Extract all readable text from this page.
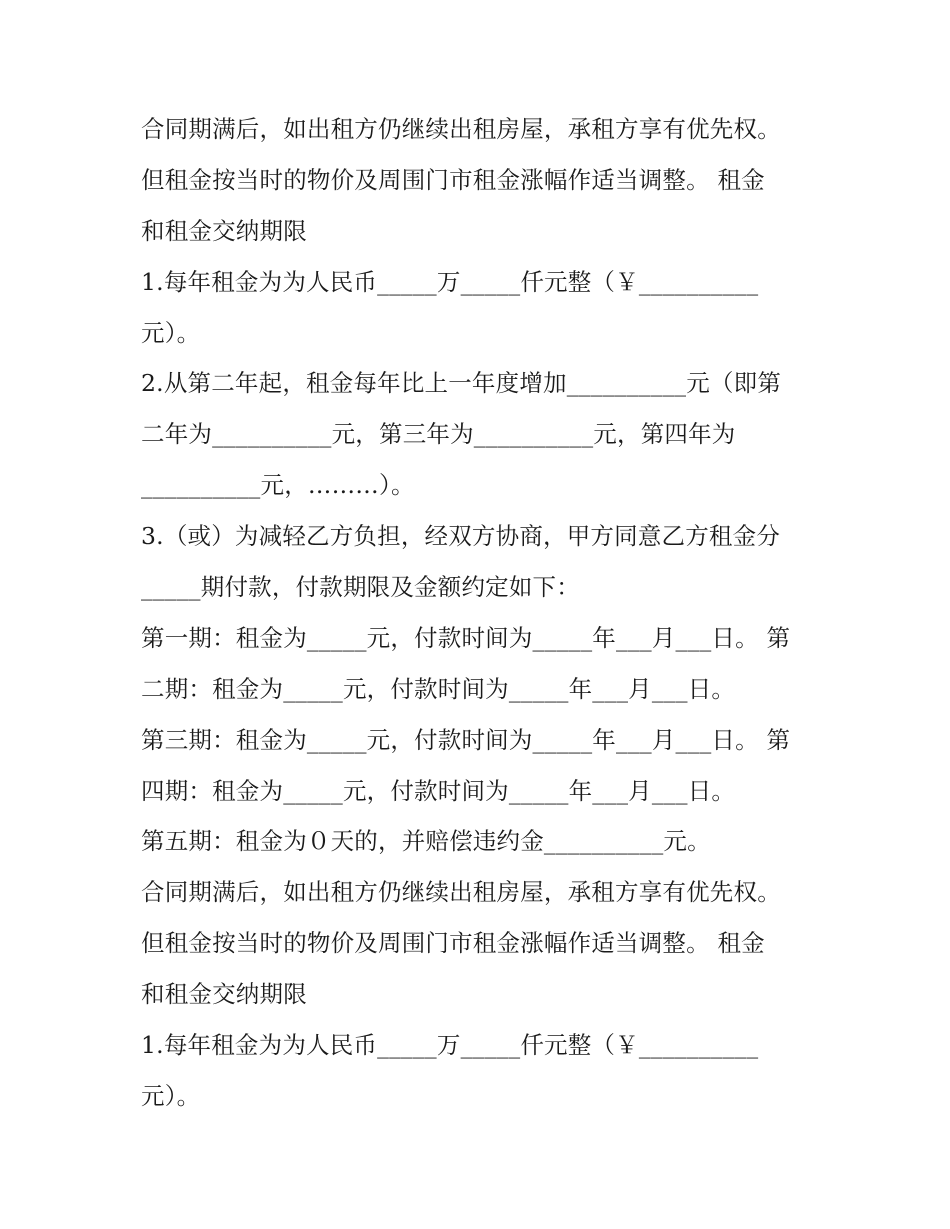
合同期满后，如出租方仍继续出租房屋，承租方享有优先权。
但租金按当时的物价及周围门市租金涨幅作适当调整。 租金
和租金交纳期限
1.每年租金为为人民币_____万_____仟元整（￥__________
元）。
2.从第二年起，租金每年比上一年度增加__________元（即第
二年为__________元，第三年为__________元，第四年为
__________元，………）。
3.（或）为减轻乙方负担，经双方协商，甲方同意乙方租金分
_____期付款，付款期限及金额约定如下：
第一期：租金为_____元，付款时间为_____年___月___日。 第
二期：租金为_____元，付款时间为_____年___月___日。
第三期：租金为_____元，付款时间为_____年___月___日。 第
四期：租金为_____元，付款时间为_____年___月___日。
第五期：租金为０天的，并赔偿违约金__________元。
合同期满后，如出租方仍继续出租房屋，承租方享有优先权。
但租金按当时的物价及周围门市租金涨幅作适当调整。 租金
和租金交纳期限
1.每年租金为为人民币_____万_____仟元整（￥__________
元）。
